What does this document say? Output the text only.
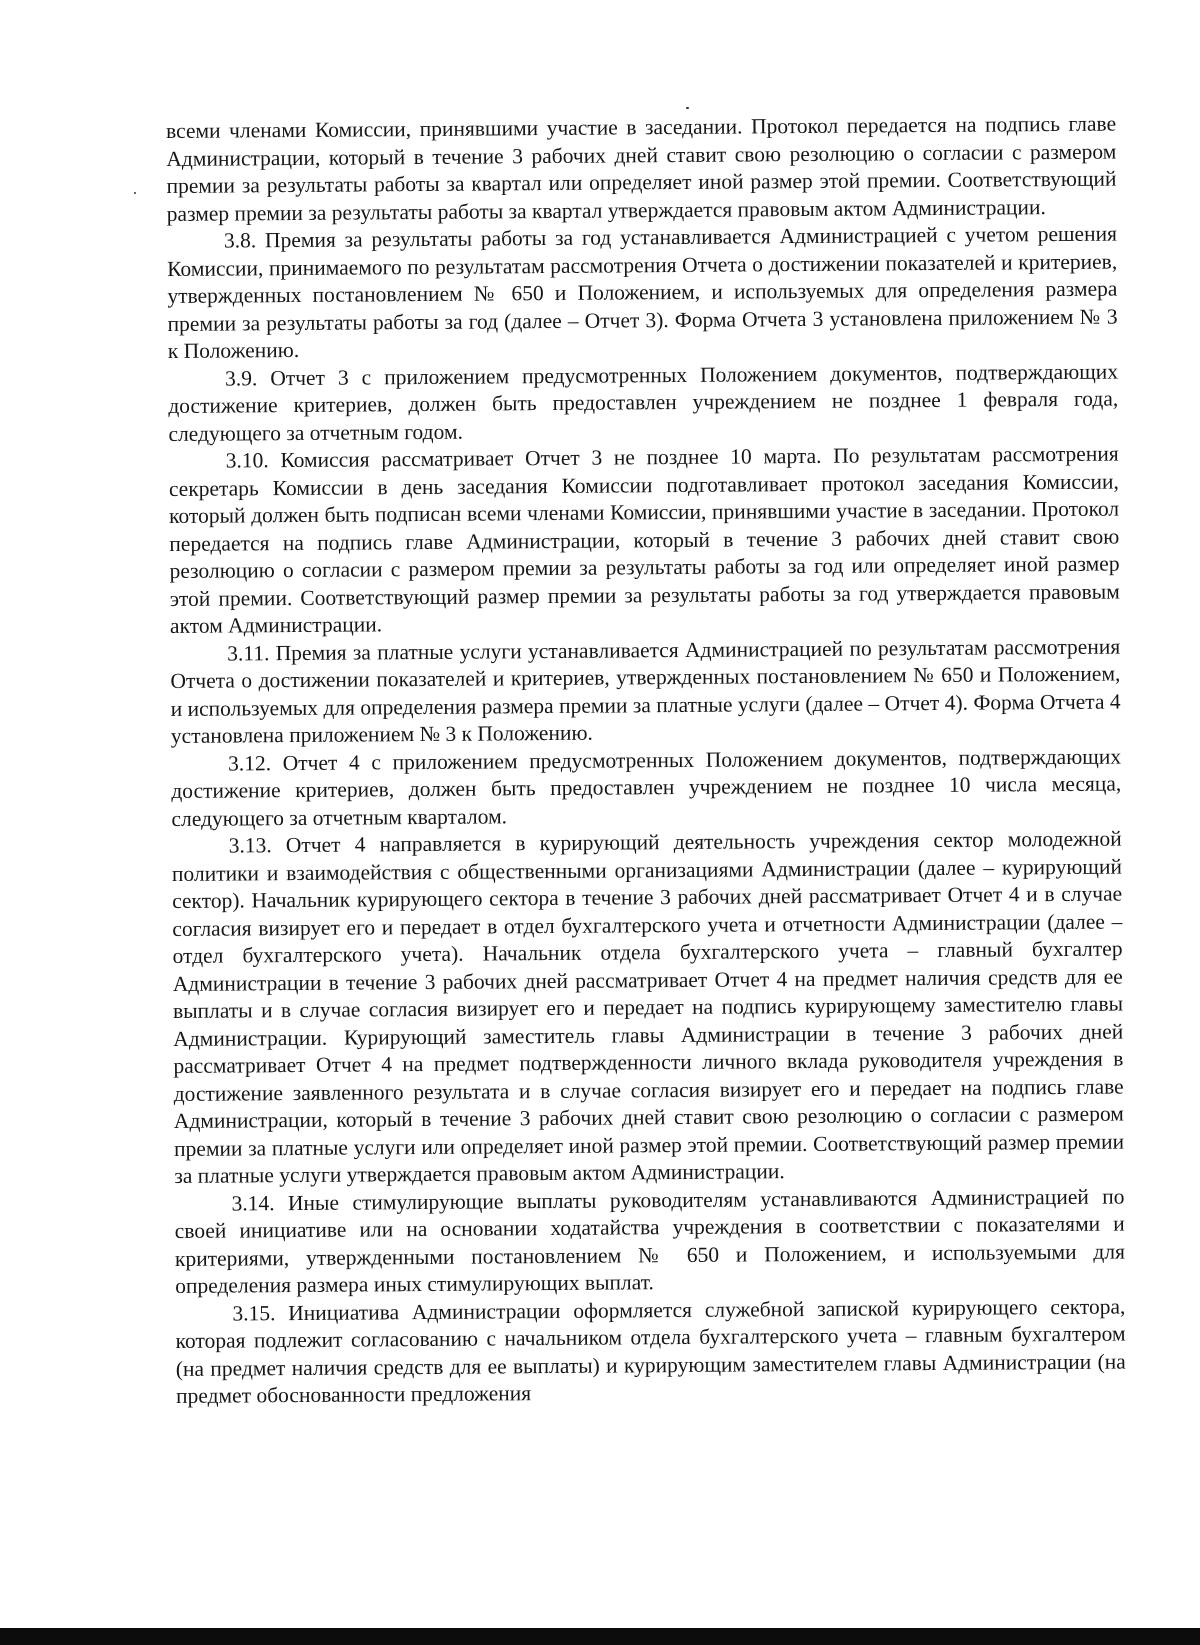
всеми членами Комиссии, принявшими участие в заседании. Протокол передается на подпись главе Администрации, который в течение 3 рабочих дней ставит свою резолюцию о согласии с размером премии за результаты работы за квартал или определяет иной размер этой премии. Соответствующий размер премии за результаты работы за квартал утверждается правовым актом Администрации.

3.8. Премия за результаты работы за год устанавливается Администрацией с учетом решения Комиссии, принимаемого по результатам рассмотрения Отчета о достижении показателей и критериев, утвержденных постановлением № 650 и Положением, и используемых для определения размера премии за результаты работы за год (далее – Отчет 3). Форма Отчета 3 установлена приложением № 3 к Положению.

3.9. Отчет 3 с приложением предусмотренных Положением документов, подтверждающих достижение критериев, должен быть предоставлен учреждением не позднее 1 февраля года, следующего за отчетным годом.

3.10. Комиссия рассматривает Отчет 3 не позднее 10 марта. По результатам рассмотрения секретарь Комиссии в день заседания Комиссии подготавливает протокол заседания Комиссии, который должен быть подписан всеми членами Комиссии, принявшими участие в заседании. Протокол передается на подпись главе Администрации, который в течение 3 рабочих дней ставит свою резолюцию о согласии с размером премии за результаты работы за год или определяет иной размер этой премии. Соответствующий размер премии за результаты работы за год утверждается правовым актом Администрации.

3.11. Премия за платные услуги устанавливается Администрацией по результатам рассмотрения Отчета о достижении показателей и критериев, утвержденных постановлением № 650 и Положением, и используемых для определения размера премии за платные услуги (далее – Отчет 4). Форма Отчета 4 установлена приложением № 3 к Положению.

3.12. Отчет 4 с приложением предусмотренных Положением документов, подтверждающих достижение критериев, должен быть предоставлен учреждением не позднее 10 числа месяца, следующего за отчетным кварталом.

3.13. Отчет 4 направляется в курирующий деятельность учреждения сектор молодежной политики и взаимодействия с общественными организациями Администрации (далее – курирующий сектор). Начальник курирующего сектора в течение 3 рабочих дней рассматривает Отчет 4 и в случае согласия визирует его и передает в отдел бухгалтерского учета и отчетности Администрации (далее – отдел бухгалтерского учета). Начальник отдела бухгалтерского учета – главный бухгалтер Администрации в течение 3 рабочих дней рассматривает Отчет 4 на предмет наличия средств для ее выплаты и в случае согласия визирует его и передает на подпись курирующему заместителю главы Администрации. Курирующий заместитель главы Администрации в течение 3 рабочих дней рассматривает Отчет 4 на предмет подтвержденности личного вклада руководителя учреждения в достижение заявленного результата и в случае согласия визирует его и передает на подпись главе Администрации, который в течение 3 рабочих дней ставит свою резолюцию о согласии с размером премии за платные услуги или определяет иной размер этой премии. Соответствующий размер премии за платные услуги утверждается правовым актом Администрации.

3.14. Иные стимулирующие выплаты руководителям устанавливаются Администрацией по своей инициативе или на основании ходатайства учреждения в соответствии с показателями и критериями, утвержденными постановлением № 650 и Положением, и используемыми для определения размера иных стимулирующих выплат.

3.15. Инициатива Администрации оформляется служебной запиской курирующего сектора, которая подлежит согласованию с начальником отдела бухгалтерского учета – главным бухгалтером (на предмет наличия средств для ее выплаты) и курирующим заместителем главы Администрации (на предмет обоснованности предложения
